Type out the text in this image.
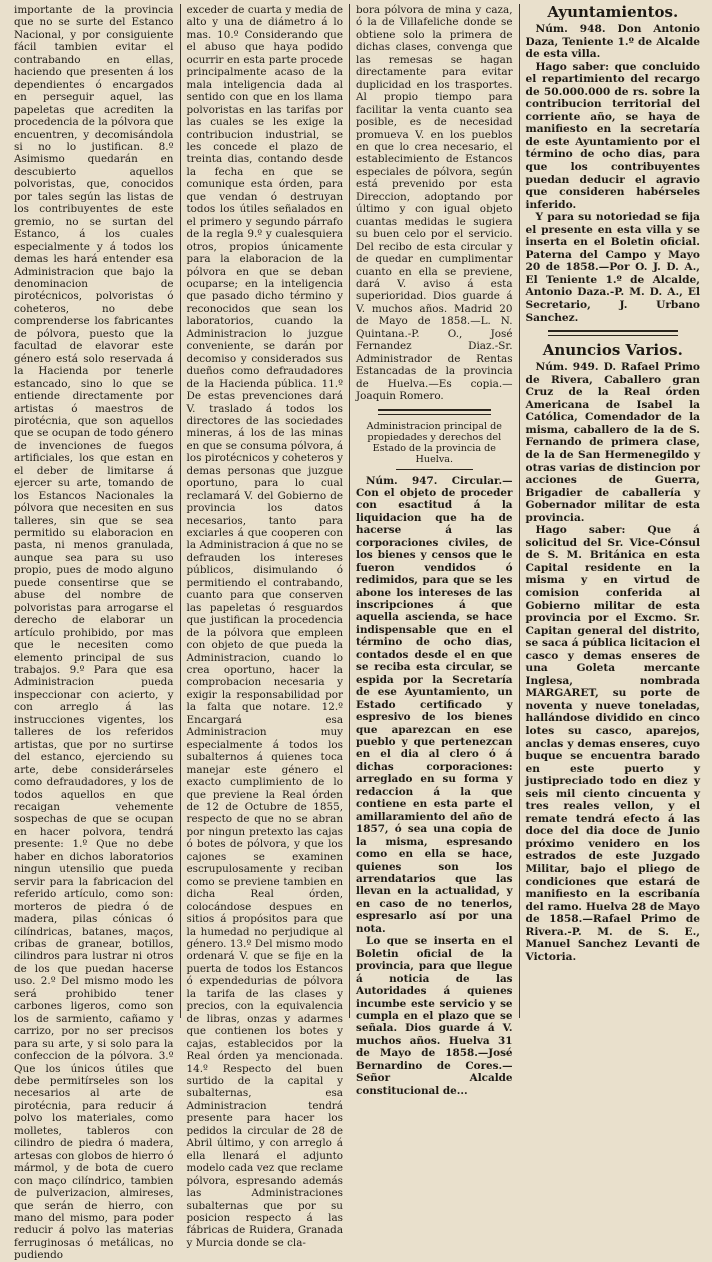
importante de la provincia que no se surte del Estanco Nacional, y por consiguiente fácil tambien evitar el contrabando en ellas, haciendo que presenten á los dependientes ó encargados en perseguir aquel, las papeletas que acrediten la procedencia de la pólvora que encuentren, y decomisándola si no lo justifican. 8.º Asimismo quedarán en descubierto aquellos polvoristas, que, conocidos por tales según las listas de los contribuyentes de este gremio, no se surtan del Estanco, á los cuales especialmente y á todos los demas les hará entender esa Administracion que bajo la denominacion de pirotécnicos, polvoristas ó coheteros, no debe comprenderse los fabricantes de pólvora, puesto que la facultad de elavorar este género está solo reservada á la Hacienda por tenerle estancado, sino lo que se entiende directamente por artistas ó maestros de pirotécnia, que son aquellos que se ocupan de todo género de invenciones de fuegos artificiales, los que estan en el deber de limitarse á ejercer su arte, tomando de los Estancos Nacionales la pólvora que necesiten en sus talleres, sin que se sea permitido su elaboracion en pasta, ni menos granulada, aunque sea para su uso propio, pues de modo alguno puede consentirse que se abuse del nombre de polvoristas para arrogarse el derecho de elaborar un artículo prohibido, por mas que le necesiten como elemento principal de sus trabajos. 9.º Para que esa Administracion pueda inspeccionar con acierto, y con arreglo á las instrucciones vigentes, los talleres de los referidos artistas, que por no surtirse del estanco, ejerciendo su arte, debe considerárseles como defraudadores, y los de todos aquellos en que recaigan vehemente sospechas de que se ocupan en hacer polvora, tendrá presente: 1.º Que no debe haber en dichos laboratorios ningun utensilio que pueda servir para la fabricacion del referido artículo, como son: morteros de piedra ó de madera, pilas cónicas ó cilíndricas, batanes, maços, cribas de granear, botillos, cilindros para lustrar ni otros de los que puedan hacerse uso. 2.º Del mismo modo les será prohibido tener carbones ligeros, como son los de sarmiento, cañamo y carrizo, por no ser precisos para su arte, y si solo para la confeccion de la pólvora. 3.º Que los únicos útiles que debe permitírseles son los necesarios al arte de pirotécnia, para reducir á polvo los materiales, como molletes, tableros con cilindro de piedra ó madera, artesas con globos de hierro ó mármol, y de bota de cuero con maço cilíndrico, tambien de pulverizacion, almireses, que serán de hierro, con mano del mismo, para poder reducir á polvo las materias ferruginosas ó metálicas, no pudiendo

exceder de cuarta y media de alto y una de diámetro á lo mas. 10.º Considerando que el abuso que haya podido ocurrir en esta parte procede principalmente acaso de la mala inteligencia dada al sentido con que en los llama polvoristas en las tarifas por las cuales se les exige la contribucion industrial, se les concede el plazo de treinta dias, contando desde la fecha en que se comunique esta órden, para que vendan ó destruyan todos los útiles señalados en el primero y segundo párrafo de la regla 9.º y cualesquiera otros, propios únicamente para la elaboracion de la pólvora en que se deban ocuparse; en la inteligencia que pasado dicho término y reconocidos que sean los laboratorios, cuando la Administracion lo juzgue conveniente, se darán por decomiso y considerados sus dueños como defraudadores de la Hacienda pública. 11.º De estas prevenciones dará V. traslado á todos los directores de las sociedades mineras, á los de las minas en que se consuma pólvora, á los pirotécnicos y coheteros y demas personas que juzgue oportuno, para lo cual reclamará V. del Gobierno de provincia los datos necesarios, tanto para exciarles á que cooperen con la Administracion á que no se defrauden los intereses públicos, disimulando ó permitiendo el contrabando, cuanto para que conserven las papeletas ó resguardos que justifican la procedencia de la pólvora que empleen con objeto de que pueda la Administracion, cuando lo crea oportuno, hacer la comprobacion necesaria y exigir la responsabilidad por la falta que notare. 12.º Encargará esa Administracion muy especialmente á todos los subalternos á quienes toca manejar este género el exacto cumplimiento de lo que previene la Real órden de 12 de Octubre de 1855, respecto de que no se abran por ningun pretexto las cajas ó botes de pólvora, y que los cajones se examinen escrupulosamente y reciban como se previene tambien en dicha Real órden, colocándose despues en sitios á propósitos para que la humedad no perjudique al género. 13.º Del mismo modo ordenará V. que se fije en la puerta de todos los Estancos ó expendedurias de pólvora la tarifa de las clases y precios, con la equivalencia de libras, onzas y adarmes que contienen los botes y cajas, establecidos por la Real órden ya mencionada. 14.º Respecto del buen surtido de la capital y subalternas, esa Administracion tendrá presente para hacer los pedidos la circular de 28 de Abril último, y con arreglo á ella llenará el adjunto modelo cada vez que reclame pólvora, espresando además las Administraciones subalternas que por su posicion respecto á las fábricas de Ruidera, Granada y Murcia donde se cla-

bora pólvora de mina y caza, ó la de Villafeliche donde se obtiene solo la primera de dichas clases, convenga que las remesas se hagan directamente para evitar duplicidad en los trasportes. Al propio tiempo para facilitar la venta cuanto sea posible, es de necesidad promueva V. en los pueblos en que lo crea necesario, el establecimiento de Estancos especiales de pólvora, según está prevenido por esta Direccion, adoptando por último y con igual objeto cuantas medidas le sugiera su buen celo por el servicio. Del recibo de esta circular y de quedar en cumplimentar cuanto en ella se previene, dará V. aviso á esta superioridad. Dios guarde á V. muchos años. Madrid 20 de Mayo de 1858.—L. N. Quintana.-P. O., José Fernandez Diaz.-Sr. Administrador de Rentas Estancadas de la provincia de Huelva.—Es copia.—Joaquin Romero.

Administracion principal de propiedades y derechos del Estado de la provincia de Huelva.

Núm. 947. Circular.—Con el objeto de proceder con esactitud á la liquidacion que ha de hacerse á las corporaciones civiles, de los bienes y censos que le fueron vendidos ó redimidos, para que se les abone los intereses de las inscripciones á que aquella ascienda, se hace indispensable que en el término de ocho dias, contados desde el en que se reciba esta circular, se espida por la Secretaría de ese Ayuntamiento, un Estado certificado y espresivo de los bienes que aparezcan en ese pueblo y que pertenezcan en el dia al clero ó á dichas corporaciones: arreglado en su forma y redaccion á la que contiene en esta parte el amillaramiento del año de 1857, ó sea una copia de la misma, espresando como en ella se hace, quienes son los arrendatarios que las llevan en la actualidad, y en caso de no tenerlos, espresarlo así por una nota.

Lo que se inserta en el Boletin oficial de la provincia, para que llegue á noticia de las Autoridades á quienes incumbe este servicio y se cumpla en el plazo que se señala. Dios guarde á V. muchos años. Huelva 31 de Mayo de 1858.—José Bernardino de Cores.—Señor Alcalde constitucional de...

Ayuntamientos.

Núm. 948. Don Antonio Daza, Teniente 1.º de Alcalde de esta villa.

Hago saber: que concluido el repartimiento del recargo de 50.000.000 de rs. sobre la contribucion territorial del corriente año, se haya de manifiesto en la secretaría de este Ayuntamiento por el término de ocho dias, para que los contribuyentes puedan deducir el agravio que consideren habérseles inferido.

Y para su notoriedad se fija el presente en esta villa y se inserta en el Boletin oficial. Paterna del Campo y Mayo 20 de 1858.—Por O. J. D. A., El Teniente 1.º de Alcalde, Antonio Daza.-P. M. D. A., El Secretario, J. Urbano Sanchez.

Anuncios Varios.

Núm. 949. D. Rafael Primo de Rivera, Caballero gran Cruz de la Real órden Americana de Isabel la Católica, Comendador de la misma, caballero de la de S. Fernando de primera clase, de la de San Hermenegildo y otras varias de distincion por acciones de Guerra, Brigadier de caballería y Gobernador militar de esta provincia.

Hago saber: Que á solicitud del Sr. Vice-Cónsul de S. M. Británica en esta Capital residente en la misma y en virtud de comision conferida al Gobierno militar de esta provincia por el Excmo. Sr. Capitan general del distrito, se saca á pública licitacion el casco y demas enseres de una Goleta mercante Inglesa, nombrada MARGARET, su porte de noventa y nueve toneladas, hallándose dividido en cinco lotes su casco, aparejos, anclas y demas enseres, cuyo buque se encuentra barado en este puerto y justipreciado todo en diez y seis mil ciento cincuenta y tres reales vellon, y el remate tendrá efecto á las doce del dia doce de Junio próximo venidero en los estrados de este Juzgado Militar, bajo el pliego de condiciones que estará de manifiesto en la escribanía del ramo. Huelva 28 de Mayo de 1858.—Rafael Primo de Rivera.-P. M. de S. E., Manuel Sanchez Levanti de Victoria.
